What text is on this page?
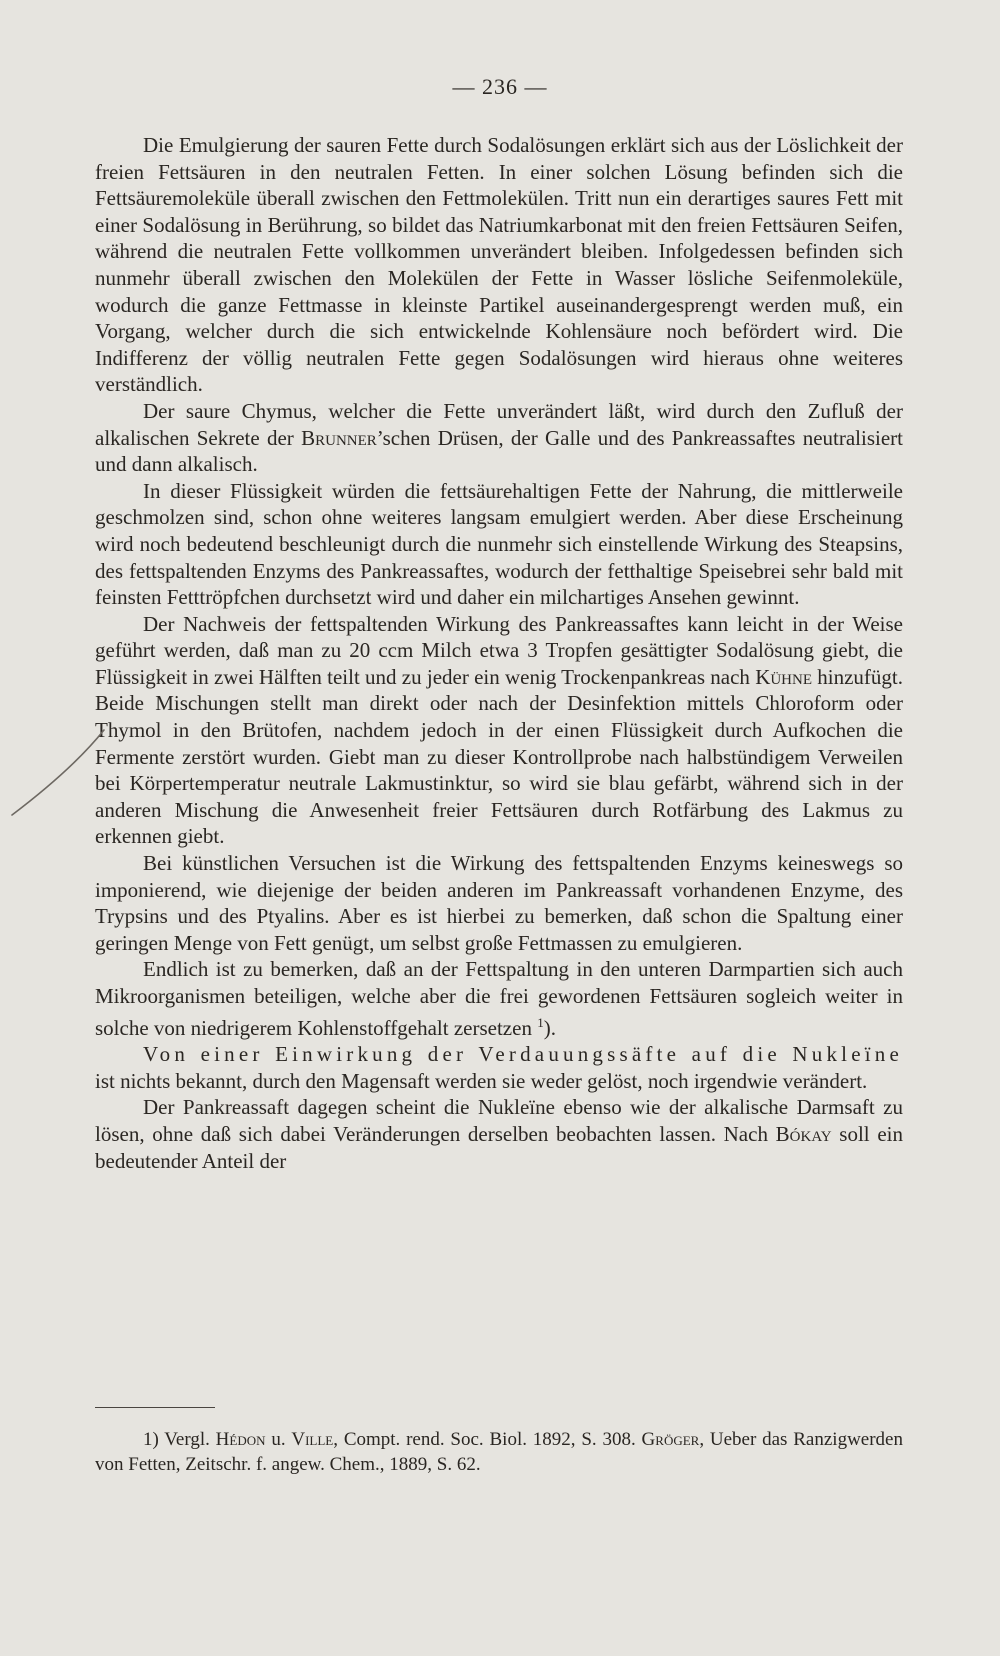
— 236 —

Die Emulgierung der sauren Fette durch Sodalösungen erklärt sich aus der Löslichkeit der freien Fettsäuren in den neutralen Fetten. In einer solchen Lösung befinden sich die Fettsäuremoleküle überall zwischen den Fettmolekülen. Tritt nun ein derartiges saures Fett mit einer Sodalösung in Berührung, so bildet das Natriumkarbonat mit den freien Fettsäuren Seifen, während die neutralen Fette vollkommen unverändert bleiben. Infolgedessen befinden sich nunmehr überall zwischen den Molekülen der Fette in Wasser lösliche Seifenmoleküle, wodurch die ganze Fettmasse in kleinste Partikel auseinandergesprengt werden muß, ein Vorgang, welcher durch die sich entwickelnde Kohlensäure noch befördert wird. Die Indifferenz der völlig neutralen Fette gegen Sodalösungen wird hieraus ohne weiteres verständlich.

Der saure Chymus, welcher die Fette unverändert läßt, wird durch den Zufluß der alkalischen Sekrete der Brunner’schen Drüsen, der Galle und des Pankreassaftes neutralisiert und dann alkalisch.

In dieser Flüssigkeit würden die fettsäurehaltigen Fette der Nahrung, die mittlerweile geschmolzen sind, schon ohne weiteres langsam emulgiert werden. Aber diese Erscheinung wird noch bedeutend beschleunigt durch die nunmehr sich einstellende Wirkung des Steapsins, des fettspaltenden Enzyms des Pankreassaftes, wodurch der fetthaltige Speisebrei sehr bald mit feinsten Fetttröpfchen durchsetzt wird und daher ein milchartiges Ansehen gewinnt.

Der Nachweis der fettspaltenden Wirkung des Pankreassaftes kann leicht in der Weise geführt werden, daß man zu 20 ccm Milch etwa 3 Tropfen gesättigter Sodalösung giebt, die Flüssigkeit in zwei Hälften teilt und zu jeder ein wenig Trockenpankreas nach Kühne hinzufügt. Beide Mischungen stellt man direkt oder nach der Desinfektion mittels Chloroform oder Thymol in den Brütofen, nachdem jedoch in der einen Flüssigkeit durch Aufkochen die Fermente zerstört wurden. Giebt man zu dieser Kontrollprobe nach halbstündigem Verweilen bei Körpertemperatur neutrale Lakmustinktur, so wird sie blau gefärbt, während sich in der anderen Mischung die Anwesenheit freier Fettsäuren durch Rotfärbung des Lakmus zu erkennen giebt.

Bei künstlichen Versuchen ist die Wirkung des fettspaltenden Enzyms keineswegs so imponierend, wie diejenige der beiden anderen im Pankreassaft vorhandenen Enzyme, des Trypsins und des Ptyalins. Aber es ist hierbei zu bemerken, daß schon die Spaltung einer geringen Menge von Fett genügt, um selbst große Fettmassen zu emulgieren.

Endlich ist zu bemerken, daß an der Fettspaltung in den unteren Darmpartien sich auch Mikroorganismen beteiligen, welche aber die frei gewordenen Fettsäuren sogleich weiter in solche von niedrigerem Kohlenstoffgehalt zersetzen $^1$).

Von einer Einwirkung der Verdauungssäfte auf die Nukleïne ist nichts bekannt, durch den Magensaft werden sie weder gelöst, noch irgendwie verändert.

Der Pankreassaft dagegen scheint die Nukleïne ebenso wie der alkalische Darmsaft zu lösen, ohne daß sich dabei Veränderungen derselben beobachten lassen. Nach Bókay soll ein bedeutender Anteil der

1) Vergl. Hédon u. Ville, Compt. rend. Soc. Biol. 1892, S. 308. Gröger, Ueber das Ranzigwerden von Fetten, Zeitschr. f. angew. Chem., 1889, S. 62.
